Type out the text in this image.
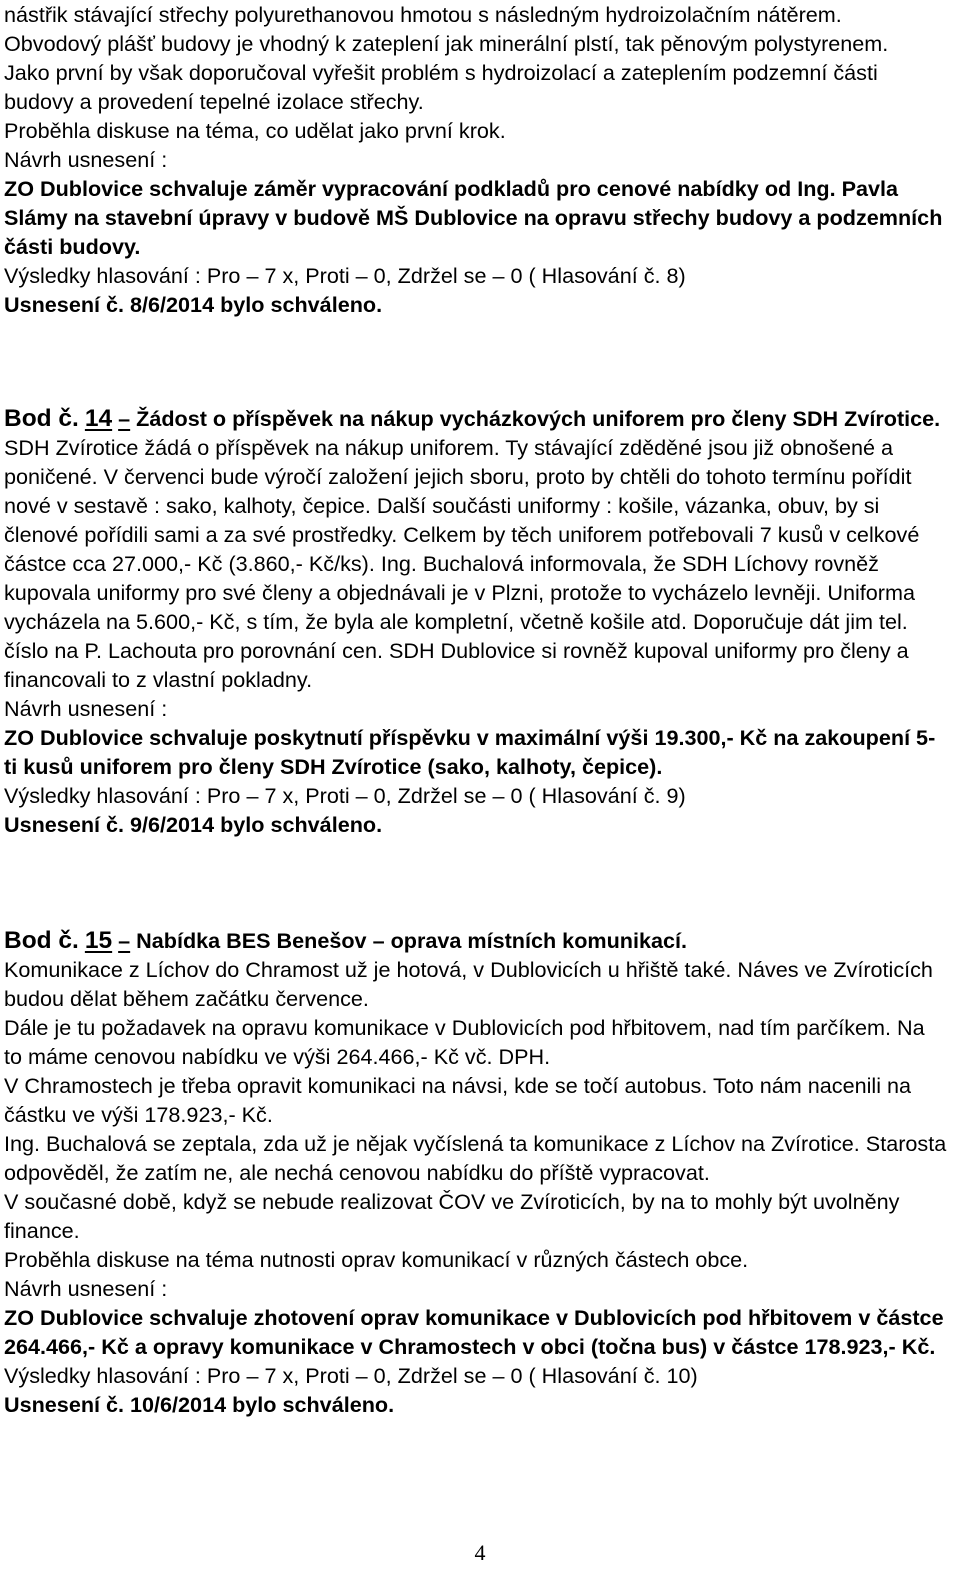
nástřik stávající střechy polyurethanovou hmotou s následným hydroizolačním nátěrem.
Obvodový plášť budovy je vhodný k zateplení jak minerální plstí, tak pěnovým polystyrenem.
Jako první by však doporučoval vyřešit problém s hydroizolací a zateplením podzemní části budovy a provedení tepelné izolace střechy.
Proběhla diskuse na téma, co udělat jako první krok.
Návrh usnesení :
ZO Dublovice schvaluje záměr vypracování podkladů pro cenové nabídky od Ing. Pavla Slámy na stavební úpravy v budově MŠ Dublovice na opravu střechy budovy a podzemních části budovy.
Výsledky hlasování : Pro – 7 x, Proti – 0, Zdržel se – 0 ( Hlasování č. 8)
Usnesení č. 8/6/2014 bylo schváleno.
Bod č. 14 – Žádost o příspěvek na nákup vycházkových uniforem pro členy SDH Zvírotice.
SDH Zvírotice žádá o příspěvek na nákup uniforem. Ty stávající zděděné jsou již obnošené a poničené. V červenci bude výročí založení jejich sboru, proto by chtěli do tohoto termínu pořídit nové v sestavě : sako, kalhoty, čepice. Další součásti uniformy : košile, vázanka, obuv, by si členové pořídili sami a za své prostředky. Celkem by těch uniforem potřebovali 7 kusů v celkové částce cca 27.000,- Kč (3.860,- Kč/ks). Ing. Buchalová informovala, že SDH Líchovy rovněž kupovala uniformy pro své členy a objednávali je v Plzni, protože to vycházelo levněji. Uniforma vycházela na 5.600,- Kč, s tím, že byla ale kompletní, včetně košile atd. Doporučuje dát jim tel. číslo na P. Lachouta pro porovnání cen. SDH Dublovice si rovněž kupoval uniformy pro členy a financovali to z vlastní pokladny.
Návrh usnesení :
ZO Dublovice schvaluje poskytnutí příspěvku v maximální výši 19.300,- Kč na zakoupení 5-ti kusů uniforem pro členy SDH Zvírotice (sako, kalhoty, čepice).
Výsledky hlasování : Pro – 7 x, Proti – 0, Zdržel se – 0 ( Hlasování č. 9)
Usnesení č. 9/6/2014 bylo schváleno.
Bod č. 15 – Nabídka BES Benešov – oprava místních komunikací.
Komunikace z Líchov do Chramost už je hotová, v Dublovicích u hřiště také. Náves ve Zvíroticích budou dělat během začátku července.
Dále je tu požadavek na opravu komunikace v Dublovicích pod hřbitovem, nad tím parčíkem. Na to máme cenovou nabídku ve výši 264.466,- Kč vč. DPH.
V Chramostech je třeba opravit komunikaci na návsi, kde se točí autobus. Toto nám nacenili na částku ve výši 178.923,- Kč.
Ing. Buchalová se zeptala, zda už je nějak vyčíslená ta komunikace z Líchov na Zvírotice. Starosta odpověděl, že zatím ne, ale nechá cenovou nabídku do příště vypracovat.
V současné době, když se nebude realizovat ČOV ve Zvíroticích, by na to mohly být uvolněny finance.
Proběhla diskuse na téma nutnosti oprav komunikací v různých částech obce.
Návrh usnesení :
ZO Dublovice schvaluje zhotovení oprav komunikace v Dublovicích pod hřbitovem v částce 264.466,- Kč a opravy komunikace v Chramostech v obci (točna bus) v částce 178.923,- Kč.
Výsledky hlasování : Pro – 7 x, Proti – 0, Zdržel se – 0 ( Hlasování č. 10)
Usnesení č. 10/6/2014 bylo schváleno.
4
